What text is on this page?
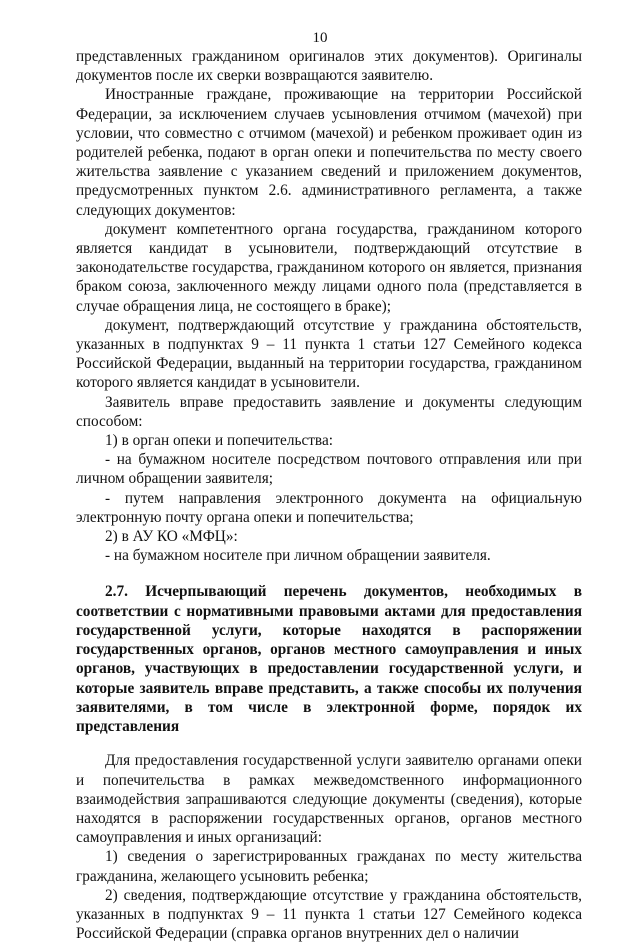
10

представленных гражданином оригиналов этих документов). Оригиналы документов после их сверки возвращаются заявителю.

Иностранные граждане, проживающие на территории Российской Федерации, за исключением случаев усыновления отчимом (мачехой) при условии, что совместно с отчимом (мачехой) и ребенком проживает один из родителей ребенка, подают в орган опеки и попечительства по месту своего жительства заявление с указанием сведений и приложением документов, предусмотренных пунктом 2.6. административного регламента, а также следующих документов:

документ компетентного органа государства, гражданином которого является кандидат в усыновители, подтверждающий отсутствие в законодательстве государства, гражданином которого он является, признания браком союза, заключенного между лицами одного пола (представляется в случае обращения лица, не состоящего в браке);

документ, подтверждающий отсутствие у гражданина обстоятельств, указанных в подпунктах 9 – 11 пункта 1 статьи 127 Семейного кодекса Российской Федерации, выданный на территории государства, гражданином которого является кандидат в усыновители.

Заявитель вправе предоставить заявление и документы следующим способом:

1) в орган опеки и попечительства:

- на бумажном носителе посредством почтового отправления или при личном обращении заявителя;

- путем направления электронного документа на официальную электронную почту органа опеки и попечительства;

2) в АУ КО «МФЦ»:

- на бумажном носителе при личном обращении заявителя.

2.7. Исчерпывающий перечень документов, необходимых в соответствии с нормативными правовыми актами для предоставления государственной услуги, которые находятся в распоряжении государственных органов, органов местного самоуправления и иных органов, участвующих в предоставлении государственной услуги, и которые заявитель вправе представить, а также способы их получения заявителями, в том числе в электронной форме, порядок их представления

Для предоставления государственной услуги заявителю органами опеки и попечительства в рамках межведомственного информационного взаимодействия запрашиваются следующие документы (сведения), которые находятся в распоряжении государственных органов, органов местного самоуправления и иных организаций:

1) сведения о зарегистрированных гражданах по месту жительства гражданина, желающего усыновить ребенка;

2) сведения, подтверждающие отсутствие у гражданина обстоятельств, указанных в подпунктах 9 – 11 пункта 1 статьи 127 Семейного кодекса Российской Федерации (справка органов внутренних дел о наличии
